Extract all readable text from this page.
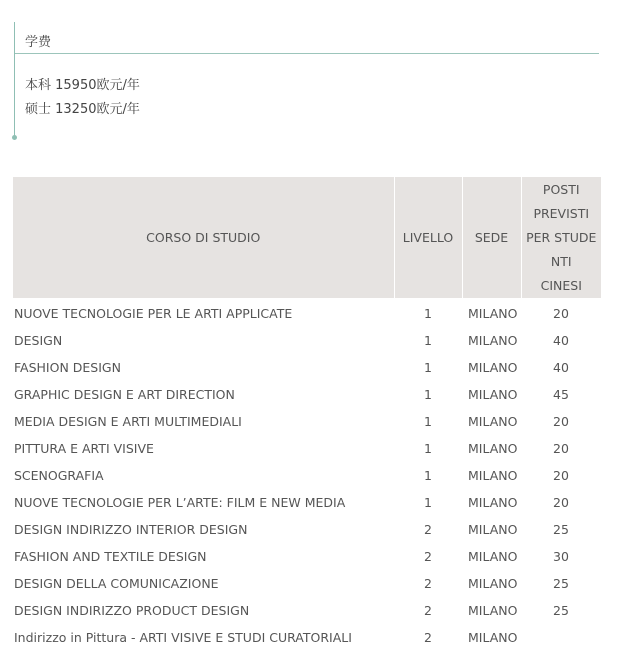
学费
本科 15950欧元/年
硕士 13250欧元/年
CORSO DI STUDIO	LIVELLO	SEDE	POSTI
PREVISTI
PER STUDE
NTI
CINESI

NUOVE TECNOLOGIE PER LE ARTI APPLICATE	1	MILANO	20
DESIGN	1	MILANO	40
FASHION DESIGN	1	MILANO	40
GRAPHIC DESIGN E ART DIRECTION	1	MILANO	45
MEDIA DESIGN E ARTI MULTIMEDIALI	1	MILANO	20
PITTURA E ARTI VISIVE	1	MILANO	20
SCENOGRAFIA	1	MILANO	20
NUOVE TECNOLOGIE PER L’ARTE: FILM E NEW MEDIA	1	MILANO	20
DESIGN INDIRIZZO INTERIOR DESIGN	2	MILANO	25
FASHION AND TEXTILE DESIGN	2	MILANO	30
DESIGN DELLA COMUNICAZIONE	2	MILANO	25
DESIGN INDIRIZZO PRODUCT DESIGN	2	MILANO	25
Indirizzo in Pittura - ARTI VISIVE E STUDI CURATORIALI	2	MILANO	
